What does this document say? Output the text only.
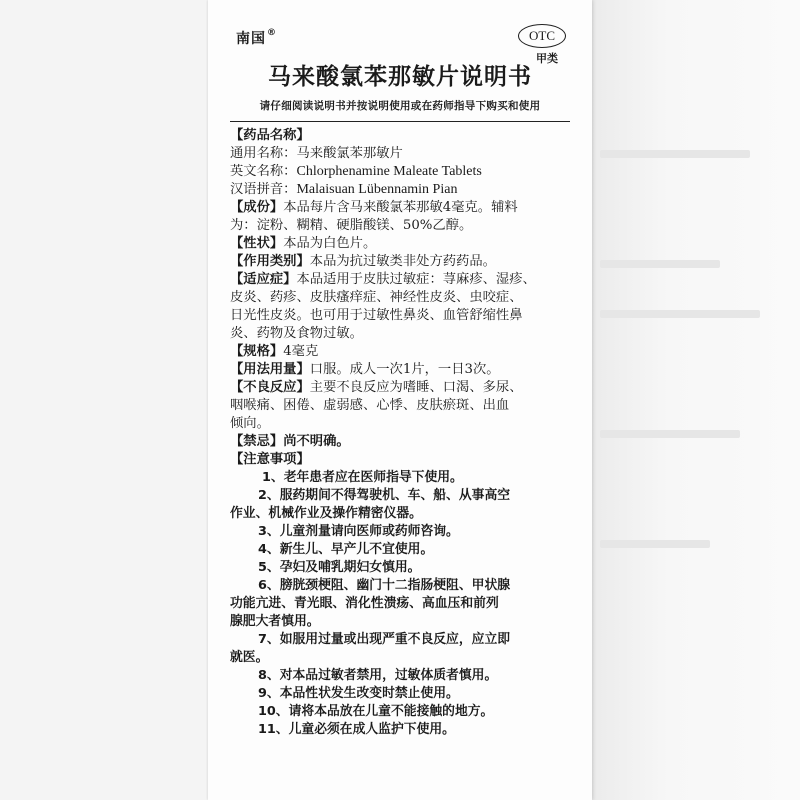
南国®	OTC
甲类
马来酸氯苯那敏片说明书
请仔细阅读说明书并按说明使用或在药师指导下购买和使用

【药品名称】

通用名称：马来酸氯苯那敏片

英文名称：Chlorphenamine Maleate Tablets

汉语拼音：Malaisuan Lübennamin Pian

【成份】本品每片含马来酸氯苯那敏4毫克。辅料

为：淀粉、糊精、硬脂酸镁、50%乙醇。

【性状】本品为白色片。

【作用类别】本品为抗过敏类非处方药药品。

【适应症】本品适用于皮肤过敏症：荨麻疹、湿疹、

皮炎、药疹、皮肤瘙痒症、神经性皮炎、虫咬症、

日光性皮炎。也可用于过敏性鼻炎、血管舒缩性鼻

炎、药物及食物过敏。

【规格】4毫克

【用法用量】口服。成人一次1片，一日3次。

【不良反应】主要不良反应为嗜睡、口渴、多尿、

咽喉痛、困倦、虚弱感、心悸、皮肤瘀斑、出血

倾向。

【禁忌】尚不明确。

【注意事项】

1、老年患者应在医师指导下使用。

2、服药期间不得驾驶机、车、船、从事高空

作业、机械作业及操作精密仪器。

3、儿童剂量请向医师或药师咨询。

4、新生儿、早产儿不宜使用。

5、孕妇及哺乳期妇女慎用。

6、膀胱颈梗阻、幽门十二指肠梗阻、甲状腺

功能亢进、青光眼、消化性溃疡、高血压和前列

腺肥大者慎用。

7、如服用过量或出现严重不良反应，应立即

就医。

8、对本品过敏者禁用，过敏体质者慎用。

9、本品性状发生改变时禁止使用。

10、请将本品放在儿童不能接触的地方。

11、儿童必须在成人监护下使用。
